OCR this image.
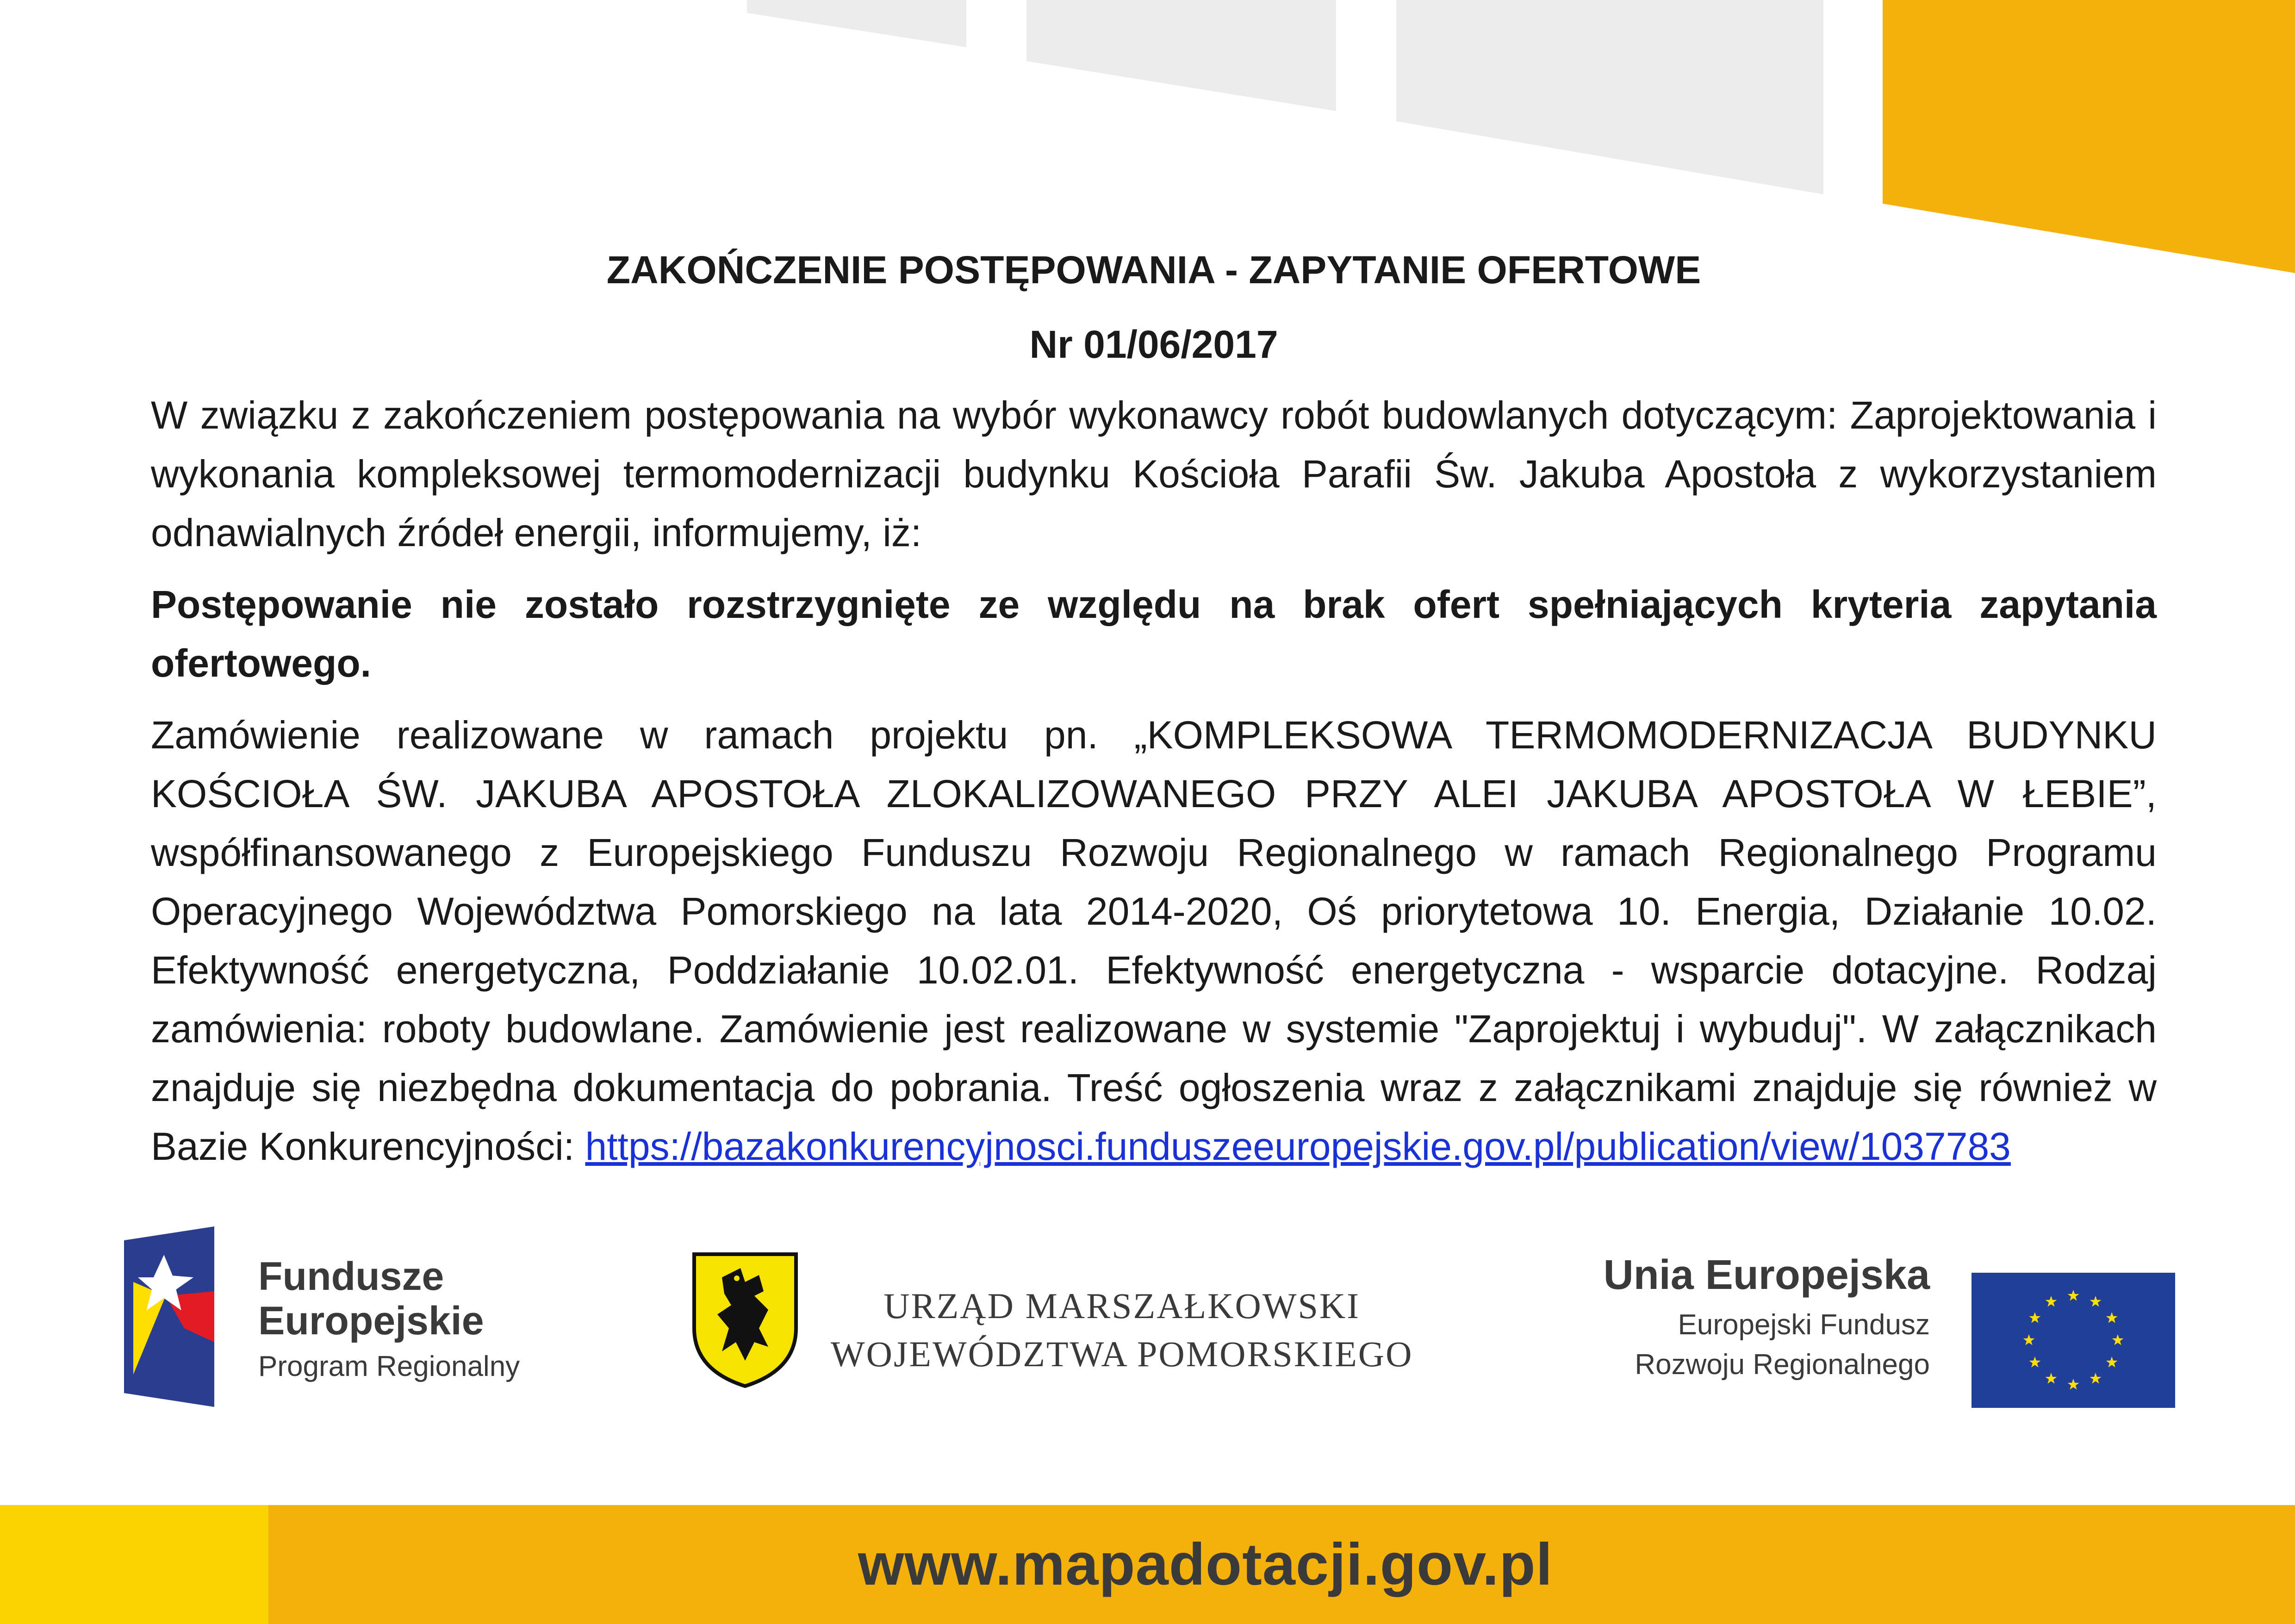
ZAKOŃCZENIE POSTĘPOWANIA - ZAPYTANIE OFERTOWE

Nr 01/06/2017

W związku z zakończeniem postępowania na wybór wykonawcy robót budowlanych dotyczącym: Zaprojektowania i wykonania kompleksowej termomodernizacji budynku Kościoła Parafii Św. Jakuba Apostoła z wykorzystaniem odnawialnych źródeł energii, informujemy, iż:

Postępowanie nie zostało rozstrzygnięte ze względu na brak ofert spełniających kryteria zapytania ofertowego.

Zamówienie realizowane w ramach projektu pn. „KOMPLEKSOWA TERMOMODERNIZACJA BUDYNKU KOŚCIOŁA ŚW. JAKUBA APOSTOŁA ZLOKALIZOWANEGO PRZY ALEI JAKUBA APOSTOŁA W ŁEBIE”, współfinansowanego z Europejskiego Funduszu Rozwoju Regionalnego w ramach Regionalnego Programu Operacyjnego Województwa Pomorskiego na lata 2014-2020, Oś priorytetowa 10. Energia, Działanie 10.02. Efektywność energetyczna, Poddziałanie 10.02.01. Efektywność energetyczna - wsparcie dotacyjne. Rodzaj zamówienia: roboty budowlane. Zamówienie jest realizowane w systemie "Zaprojektuj i wybuduj". W załącznikach znajduje się niezbędna dokumentacja do pobrania. Treść ogłoszenia wraz z załącznikami znajduje się również w Bazie Konkurencyjności: https://bazakonkurencyjnosci.funduszeeuropejskie.gov.pl/publication/view/1037783

Fundusze
Europejskie
Program Regionalny
URZĄD MARSZAŁKOWSKI
WOJEWÓDZTWA POMORSKIEGO
Unia Europejska
Europejski Fundusz
Rozwoju Regionalnego
www.mapadotacji.gov.pl
